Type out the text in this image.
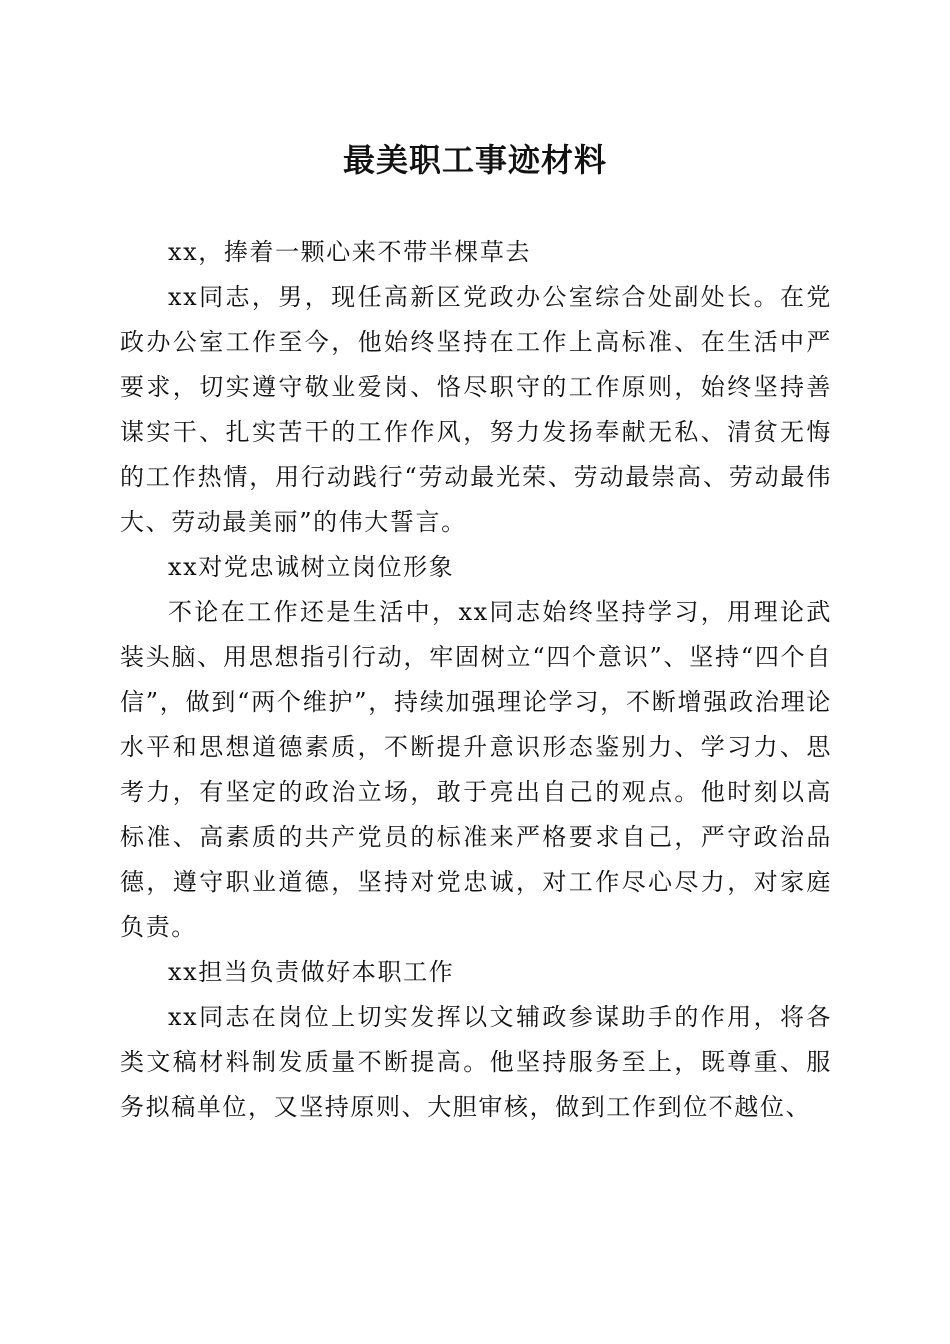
最美职工事迹材料

xx，捧着一颗心来不带半棵草去

xx同志，男，现任高新区党政办公室综合处副处长。在党政办公室工作至今，他始终坚持在工作上高标准、在生活中严要求，切实遵守敬业爱岗、恪尽职守的工作原则，始终坚持善谋实干、扎实苦干的工作作风，努力发扬奉献无私、清贫无悔的工作热情，用行动践行“劳动最光荣、劳动最崇高、劳动最伟大、劳动最美丽”的伟大誓言。

xx对党忠诚树立岗位形象

不论在工作还是生活中，xx同志始终坚持学习，用理论武装头脑、用思想指引行动，牢固树立“四个意识”、坚持“四个自信”，做到“两个维护”，持续加强理论学习，不断增强政治理论水平和思想道德素质，不断提升意识形态鉴别力、学习力、思考力，有坚定的政治立场，敢于亮出自己的观点。他时刻以高标准、高素质的共产党员的标准来严格要求自己，严守政治品德，遵守职业道德，坚持对党忠诚，对工作尽心尽力，对家庭负责。

xx担当负责做好本职工作

xx同志在岗位上切实发挥以文辅政参谋助手的作用，将各类文稿材料制发质量不断提高。他坚持服务至上，既尊重、服务拟稿单位，又坚持原则、大胆审核，做到工作到位不越位、
